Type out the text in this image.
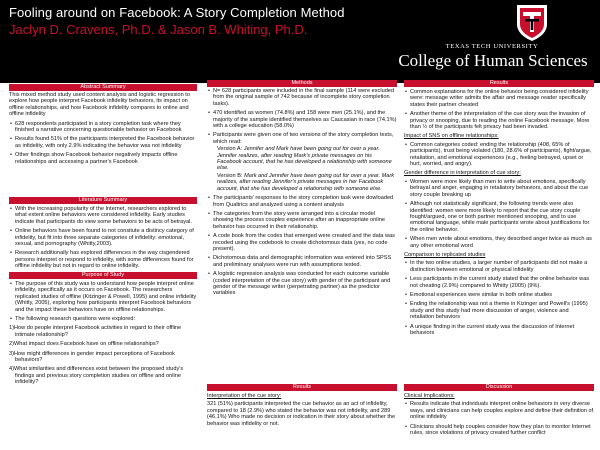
Fooling around on Facebook: A Story Completion Method
Jaclyn D. Cravens, Ph.D. & Jason B. Whiting, Ph.D.
TEXAS TECH UNIVERSITY
College of Human Sciences
Abstract Summary
This mixed method study used content analysis and logistic regression to explore how people interpret Facebook infidelity behaviors, its impact on offline relationships, and how Facebook infidelity compares to online and offline infidelity
• 628 respondents participated in a story completion task where they finished a narrative concerning questionable behavior on Facebook
• Results found 51% of the participants interpreted the Facebook behavior as infidelity, with only 2.9% indicating the behavior was not infidelity
• Other findings show Facebook behavior negatively impacts offline relationships and accessing a partner's Facebook
Literature Summary
• With the increasing popularity of the Internet, researchers explored to what extent online behaviors were considered infidelity. Early studies indicate that participants do view some behaviors to be acts of betrayal.
• Online behaviors have been found to not consitute a distincy category of infidelity, but fit into three separate categories of infidelity: emotional, sexual, and pornography (Whitty,2003).
• Research additionally has explored differences in the way cisgendered persons interpret or respond to infidelity, with some differences found for offline infidelity but not in regard to online infidelity.
Purpose of Study
• The purpose of this study was to understand how people interpret online infidelity, specifically as it occurs on Facebook. The researchers replicated studies of offline (Kitzinger & Powell, 1995) and online infidelity (Whitty, 2005), exploring how participants interpret Facebook behaviors and the impact these behaviors have on offline relationships.
• The following research questions were explored:
1)How do people interpret Facebook activities in regard to their offline intimate relationship?
2)What impact does Facebook have on offline relationships?
3)How might differences in gender impact perceptions of Facebook behaviors?
4)What similarities and differences exist between the proposed study's findings and previous story completion studies on offline and online infidelity?
Methods
• N= 628 participants were included in the final sample (114 were excluded from the original sample of 742 because of incomplete story completion tasks).
• 470 identified as women (74.8%) and 158 were men (25.1%), and the majority of the sample identified themselves as Caucasian in race (74.1%) with a college education (58.0%)
• Participants were given one of two versions of the story completion tests, which read:
Version A: Jennifer and Mark have been going out for over a year. Jennifer realizes, after reading Mark's private messages on his Facebook account, that he has developed a relationship with someone else.
Version B: Mark and Jennifer have been going out for over a year. Mark realizes, after reading Jennifer's private messages in her Facebook account, that she has developed a relationship with someone else.
• The participants' responses to the story completion task were dowloaded from Qualtrics and analyzed using a content analysis
• The categories from the story were arranged into a circular model showing the process couples experience after an inappropriate online behavior has occurred in their relationship.
• A code book from the codes that emerged were created and the data was recoded using the codebook to create dichotomous data (yes, no code present).
• Dichotomous data and demographic information was entered into SPSS and preliminary analyses were run with assumptions tested.
• A logistic regression analysis was conducted for each outcome variable (coded interpretation of the cue story) with gender of the participant and gender of the message writer (perpetrating partner) as the predictor variables
Results
Interpretation of the cue story:
321 (51%) participants interpreted the cue behavior as an act of infidelity, compared to 18 (2.9%) who stated the behavior was not infidelity, and 289 (46.1%) Who made no decision or indication in their story about whether the behavior was infidelity or not.
Results
• Common explanations for the online behavior being considered infidelity were: message writer admits the affair and message reader specifically states their partner cheated
• Another theme of the interpretation of the cue story was the invasion of privacy or snooping, due to reading the online Facebook message. More than ½ of the participants felt privacy had been invaded.
Impact of SNS on offline relationships:
• Common categories coded: ending the relationship (408, 65% of participants), trust being violated (180, 28.6% of participants), fight/argue, retaliation, and emotional experiences (e.g., feeling betrayed, upset or hurt, worried, and angry).
Gender difference in interpretation of cue story:
• Women were more likely than men to write about emotions, specifically betrayal and anger, engaging in retaliatory behaviors, and about the cue story couple breaking up
• Although not statistically significant, the following trends were also identified: women were more likely to report that the cue story couple fought/argued, one or both partner mentioned snooping, and to use emotional language, while male participants wrote about justifications for the online behavior.
• When men wrote about emotions, they described anger twice as much as any other emotional word
Comparison to replicated studies
• In the two online studies, a larger number of participants did not make a distinction between emotional or physical infidelity
• Less participants in the current study stated that the online behavior was not cheating (2.9%) compared to Whitty (2005) (9%).
• Emotional experiences were similar in both online studies
• Ending the relationship was not a theme in Kizinger and Powell's (1995) study and this study had more discussion of anger, violence and retaliation behaviors
• A unique finding in the current study was the discussion of Internet behaviors
Discussion
Clinical Implications:
• Results indicate that individuals interpret online behaviors in very diverse ways, and clinicians can help couples explore and define their definition of online infidelity
• Clinicians should help couples consider how they plan to monitor Internet rules, since violations of privacy created further conflict
